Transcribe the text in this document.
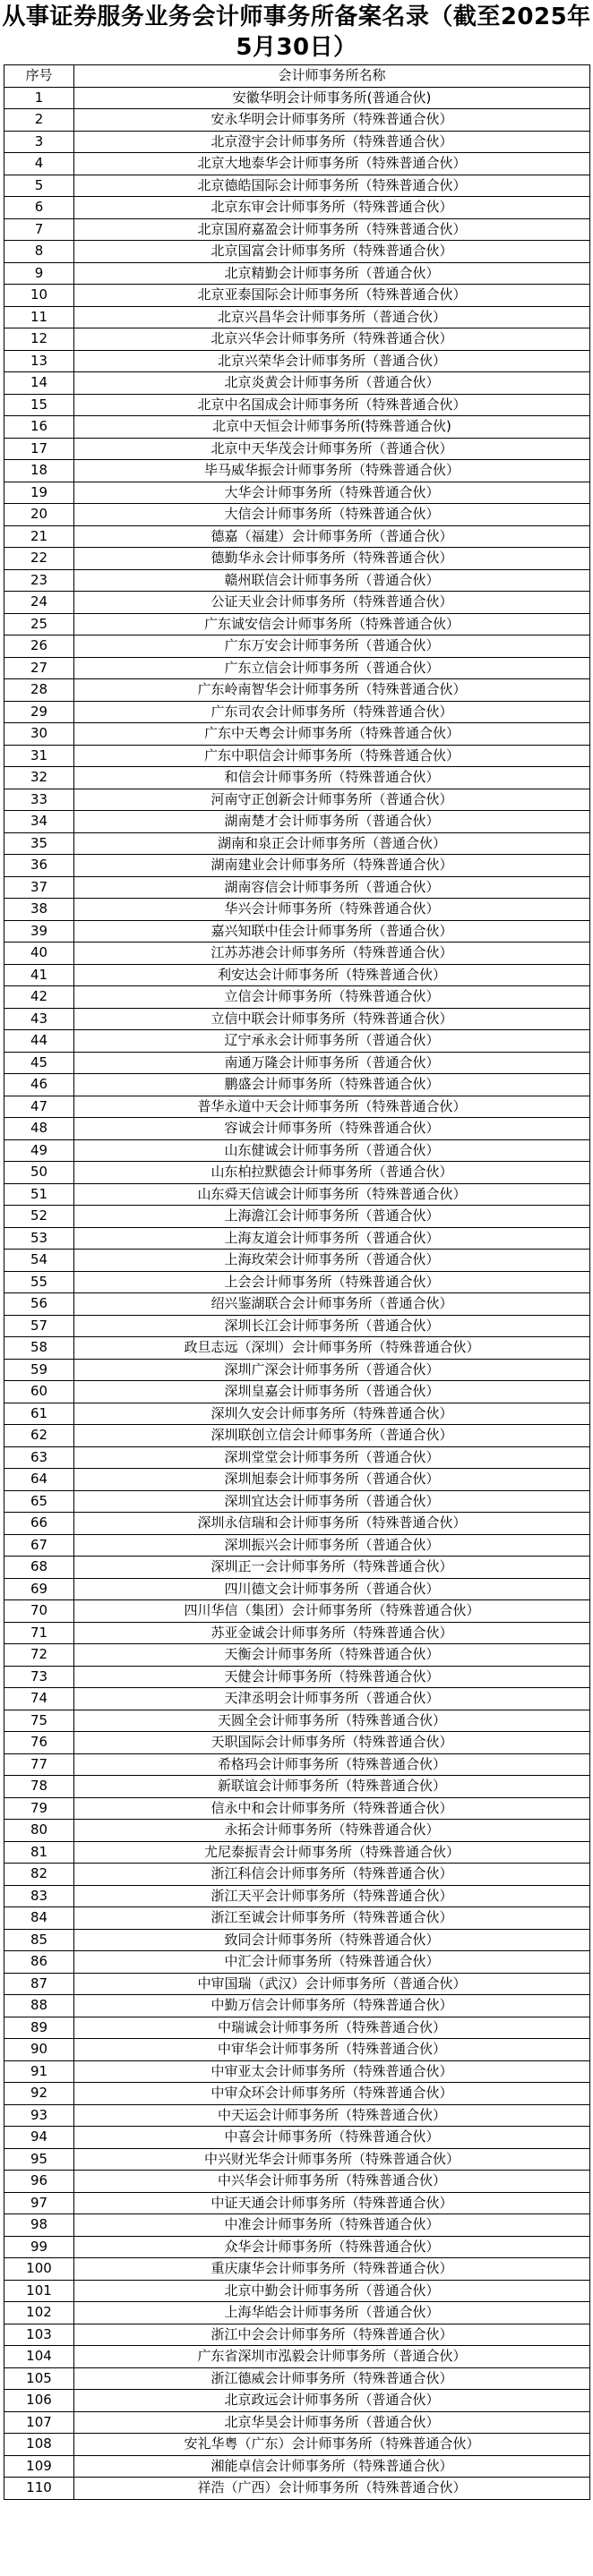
从事证券服务业务会计师事务所备案名录（截至2025年5月30日）
序号	会计师事务所名称
1	安徽华明会计师事务所(普通合伙)
2	安永华明会计师事务所（特殊普通合伙）
3	北京澄宇会计师事务所（特殊普通合伙）
4	北京大地泰华会计师事务所（特殊普通合伙）
5	北京德皓国际会计师事务所（特殊普通合伙）
6	北京东审会计师事务所（特殊普通合伙）
7	北京国府嘉盈会计师事务所（特殊普通合伙）
8	北京国富会计师事务所（特殊普通合伙）
9	北京精勤会计师事务所（普通合伙）
10	北京亚泰国际会计师事务所（特殊普通合伙）
11	北京兴昌华会计师事务所（普通合伙）
12	北京兴华会计师事务所（特殊普通合伙）
13	北京兴荣华会计师事务所（普通合伙）
14	北京炎黄会计师事务所（普通合伙）
15	北京中名国成会计师事务所（特殊普通合伙）
16	北京中天恒会计师事务所(特殊普通合伙)
17	北京中天华茂会计师事务所（普通合伙）
18	毕马威华振会计师事务所（特殊普通合伙）
19	大华会计师事务所（特殊普通合伙）
20	大信会计师事务所（特殊普通合伙）
21	德嘉（福建）会计师事务所（普通合伙）
22	德勤华永会计师事务所（特殊普通合伙）
23	赣州联信会计师事务所（普通合伙）
24	公证天业会计师事务所（特殊普通合伙）
25	广东诚安信会计师事务所（特殊普通合伙）
26	广东万安会计师事务所（普通合伙）
27	广东立信会计师事务所（普通合伙）
28	广东岭南智华会计师事务所（特殊普通合伙）
29	广东司农会计师事务所（特殊普通合伙）
30	广东中天粤会计师事务所（特殊普通合伙）
31	广东中职信会计师事务所（特殊普通合伙）
32	和信会计师事务所（特殊普通合伙）
33	河南守正创新会计师事务所（普通合伙）
34	湖南楚才会计师事务所（普通合伙）
35	湖南和泉正会计师事务所（普通合伙）
36	湖南建业会计师事务所（特殊普通合伙）
37	湖南容信会计师事务所（普通合伙）
38	华兴会计师事务所（特殊普通合伙）
39	嘉兴知联中佳会计师事务所（普通合伙）
40	江苏苏港会计师事务所（特殊普通合伙）
41	利安达会计师事务所（特殊普通合伙）
42	立信会计师事务所（特殊普通合伙）
43	立信中联会计师事务所（特殊普通合伙）
44	辽宁承永会计师事务所（普通合伙）
45	南通万隆会计师事务所（普通合伙）
46	鹏盛会计师事务所（特殊普通合伙）
47	普华永道中天会计师事务所（特殊普通合伙）
48	容诚会计师事务所（特殊普通合伙）
49	山东健诚会计师事务所（普通合伙）
50	山东柏拉默德会计师事务所（普通合伙）
51	山东舜天信诚会计师事务所（特殊普通合伙）
52	上海澹江会计师事务所（普通合伙）
53	上海友道会计师事务所（普通合伙）
54	上海玫荣会计师事务所（普通合伙）
55	上会会计师事务所（特殊普通合伙）
56	绍兴鉴湖联合会计师事务所（普通合伙）
57	深圳长江会计师事务所（普通合伙）
58	政旦志远（深圳）会计师事务所（特殊普通合伙）
59	深圳广深会计师事务所（普通合伙）
60	深圳皇嘉会计师事务所（普通合伙）
61	深圳久安会计师事务所（特殊普通合伙）
62	深圳联创立信会计师事务所（普通合伙）
63	深圳堂堂会计师事务所（普通合伙）
64	深圳旭泰会计师事务所（普通合伙）
65	深圳宜达会计师事务所（普通合伙）
66	深圳永信瑞和会计师事务所（特殊普通合伙）
67	深圳振兴会计师事务所（普通合伙）
68	深圳正一会计师事务所（特殊普通合伙）
69	四川德文会计师事务所（普通合伙）
70	四川华信（集团）会计师事务所（特殊普通合伙）
71	苏亚金诚会计师事务所（特殊普通合伙）
72	天衡会计师事务所（特殊普通合伙）
73	天健会计师事务所（特殊普通合伙）
74	天津丞明会计师事务所（普通合伙）
75	天圆全会计师事务所（特殊普通合伙）
76	天职国际会计师事务所（特殊普通合伙）
77	希格玛会计师事务所（特殊普通合伙）
78	新联谊会计师事务所（特殊普通合伙）
79	信永中和会计师事务所（特殊普通合伙）
80	永拓会计师事务所（特殊普通合伙）
81	尤尼泰振青会计师事务所（特殊普通合伙）
82	浙江科信会计师事务所（特殊普通合伙）
83	浙江天平会计师事务所（特殊普通合伙）
84	浙江至诚会计师事务所（特殊普通合伙）
85	致同会计师事务所（特殊普通合伙）
86	中汇会计师事务所（特殊普通合伙）
87	中审国瑞（武汉）会计师事务所（普通合伙）
88	中勤万信会计师事务所（特殊普通合伙）
89	中瑞诚会计师事务所（特殊普通合伙）
90	中审华会计师事务所（特殊普通合伙）
91	中审亚太会计师事务所（特殊普通合伙）
92	中审众环会计师事务所（特殊普通合伙）
93	中天运会计师事务所（特殊普通合伙）
94	中喜会计师事务所（特殊普通合伙）
95	中兴财光华会计师事务所（特殊普通合伙）
96	中兴华会计师事务所（特殊普通合伙）
97	中证天通会计师事务所（特殊普通合伙）
98	中准会计师事务所（特殊普通合伙）
99	众华会计师事务所（特殊普通合伙）
100	重庆康华会计师事务所（特殊普通合伙）
101	北京中勤会计师事务所（普通合伙）
102	上海华皓会计师事务所（普通合伙）
103	浙江中会会计师事务所（特殊普通合伙）
104	广东省深圳市泓毅会计师事务所（普通合伙）
105	浙江德威会计师事务所（特殊普通合伙）
106	北京政远会计师事务所（普通合伙）
107	北京华昊会计师事务所（普通合伙）
108	安礼华粤（广东）会计师事务所（特殊普通合伙）
109	湘能卓信会计师事务所（特殊普通合伙）
110	祥浩（广西）会计师事务所（特殊普通合伙）
